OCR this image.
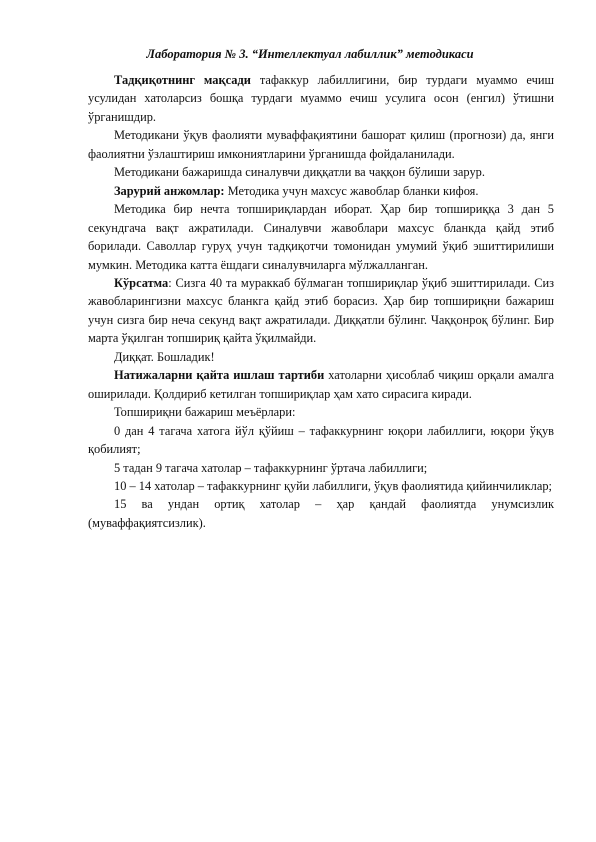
Лаборатория № 3. “Интеллектуал лабиллик” методикаси

Тадқиқотнинг мақсади тафаккур лабиллигини, бир турдаги муаммо ечиш усулидан хатоларсиз бошқа турдаги муаммо ечиш усулига осон (енгил) ўтишни ўрганишдир.

Методикани ўқув фаолияти муваффақиятини башорат қилиш (прогнози) да, янги фаолиятни ўзлаштириш имкониятларини ўрганишда фойдаланилади.

Методикани бажаришда синалувчи диққатли ва чаққон бўлиши зарур.

Зарурий анжомлар: Методика учун махсус жавоблар бланки кифоя.

Методика бир нечта топшириқлардан иборат. Ҳар бир топшириққа 3 дан 5 секундгача вақт ажратилади. Синалувчи жавоблари махсус бланкда қайд этиб борилади. Саволлар гуруҳ учун тадқиқотчи томонидан умумий ўқиб эшиттирилиши мумкин. Методика катта ёшдаги синалувчиларга мўлжалланган.

Кўрсатма: Сизга 40 та мураккаб бўлмаган топшириқлар ўқиб эшиттирилади. Сиз жавобларингизни махсус бланкга қайд этиб борасиз. Ҳар бир топшириқни бажариш учун сизга бир неча секунд вақт ажратилади. Диққатли бўлинг. Чаққонроқ бўлинг. Бир марта ўқилган топшириқ қайта ўқилмайди.

Диққат. Бошладик!

Натижаларни қайта ишлаш тартиби хатоларни ҳисоблаб чиқиш орқали амалга оширилади. Қолдириб кетилган топшириқлар ҳам хато сирасига киради.

Топшириқни бажариш меъёрлари:

0 дан 4 тагача хатога йўл қўйиш – тафаккурнинг юқори лабиллиги, юқори ўқув қобилият;

5 тадан 9 тагача хатолар – тафаккурнинг ўртача лабиллиги;

10 – 14 хатолар – тафаккурнинг қуйи лабиллиги, ўқув фаолиятида қийинчиликлар;

15 ва ундан ортиқ хатолар – ҳар қандай фаолиятда унумсизлик (муваффақиятсизлик).
